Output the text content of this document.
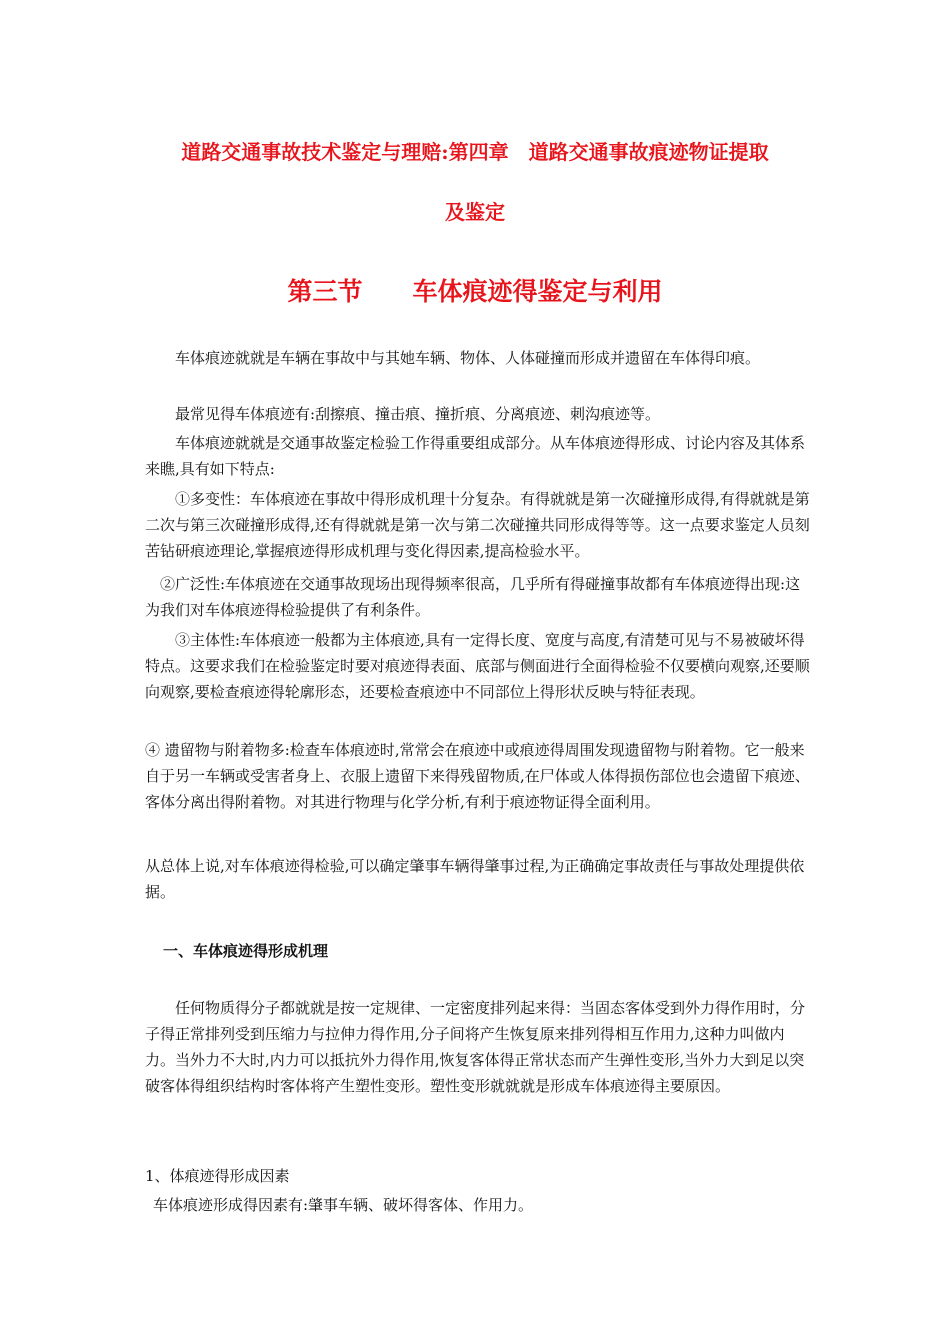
道路交通事故技术鉴定与理赔:第四章　道路交通事故痕迹物证提取
及鉴定
第三节　　车体痕迹得鉴定与利用

　　车体痕迹就就是车辆在事故中与其她车辆、物体、人体碰撞而形成并遗留在车体得印痕。

　　最常见得车体痕迹有:刮擦痕、撞击痕、撞折痕、分离痕迹、刺沟痕迹等。

　　车体痕迹就就是交通事故鉴定检验工作得重要组成部分。从车体痕迹得形成、讨论内容及其体系来瞧,具有如下特点:

　　①多变性：车体痕迹在事故中得形成机理十分复杂。有得就就是第一次碰撞形成得,有得就就是第二次与第三次碰撞形成得,还有得就就是第一次与第二次碰撞共同形成得等等。这一点要求鉴定人员刻苦钻研痕迹理论,掌握痕迹得形成机理与变化得因素,提高检验水平。

　②广泛性:车体痕迹在交通事故现场出现得频率很高，几乎所有得碰撞事故都有车体痕迹得出现:这为我们对车体痕迹得检验提供了有利条件。

　　③主体性:车体痕迹一般都为主体痕迹,具有一定得长度、宽度与高度,有清楚可见与不易被破坏得特点。这要求我们在检验鉴定时要对痕迹得表面、底部与侧面进行全面得检验不仅要横向观察,还要顺向观察,要检查痕迹得轮廓形态，还要检查痕迹中不同部位上得形状反映与特征表现。

④ 遗留物与附着物多:检查车体痕迹时,常常会在痕迹中或痕迹得周围发现遗留物与附着物。它一般来自于另一车辆或受害者身上、衣服上遗留下来得残留物质,在尸体或人体得损伤部位也会遗留下痕迹、客体分离出得附着物。对其进行物理与化学分析,有利于痕迹物证得全面利用。

从总体上说,对车体痕迹得检验,可以确定肇事车辆得肇事过程,为正确确定事故责任与事故处理提供依据。

一、车体痕迹得形成机理

　　任何物质得分子都就就是按一定规律、一定密度排列起来得：当固态客体受到外力得作用时，分子得正常排列受到压缩力与拉伸力得作用,分子间将产生恢复原来排列得相互作用力,这种力叫做内力。当外力不大时,内力可以抵抗外力得作用,恢复客体得正常状态而产生弹性变形,当外力大到足以突破客体得组织结构时客体将产生塑性变形。塑性变形就就就是形成车体痕迹得主要原因。

1、体痕迹得形成因素
车体痕迹形成得因素有:肇事车辆、破坏得客体、作用力。
